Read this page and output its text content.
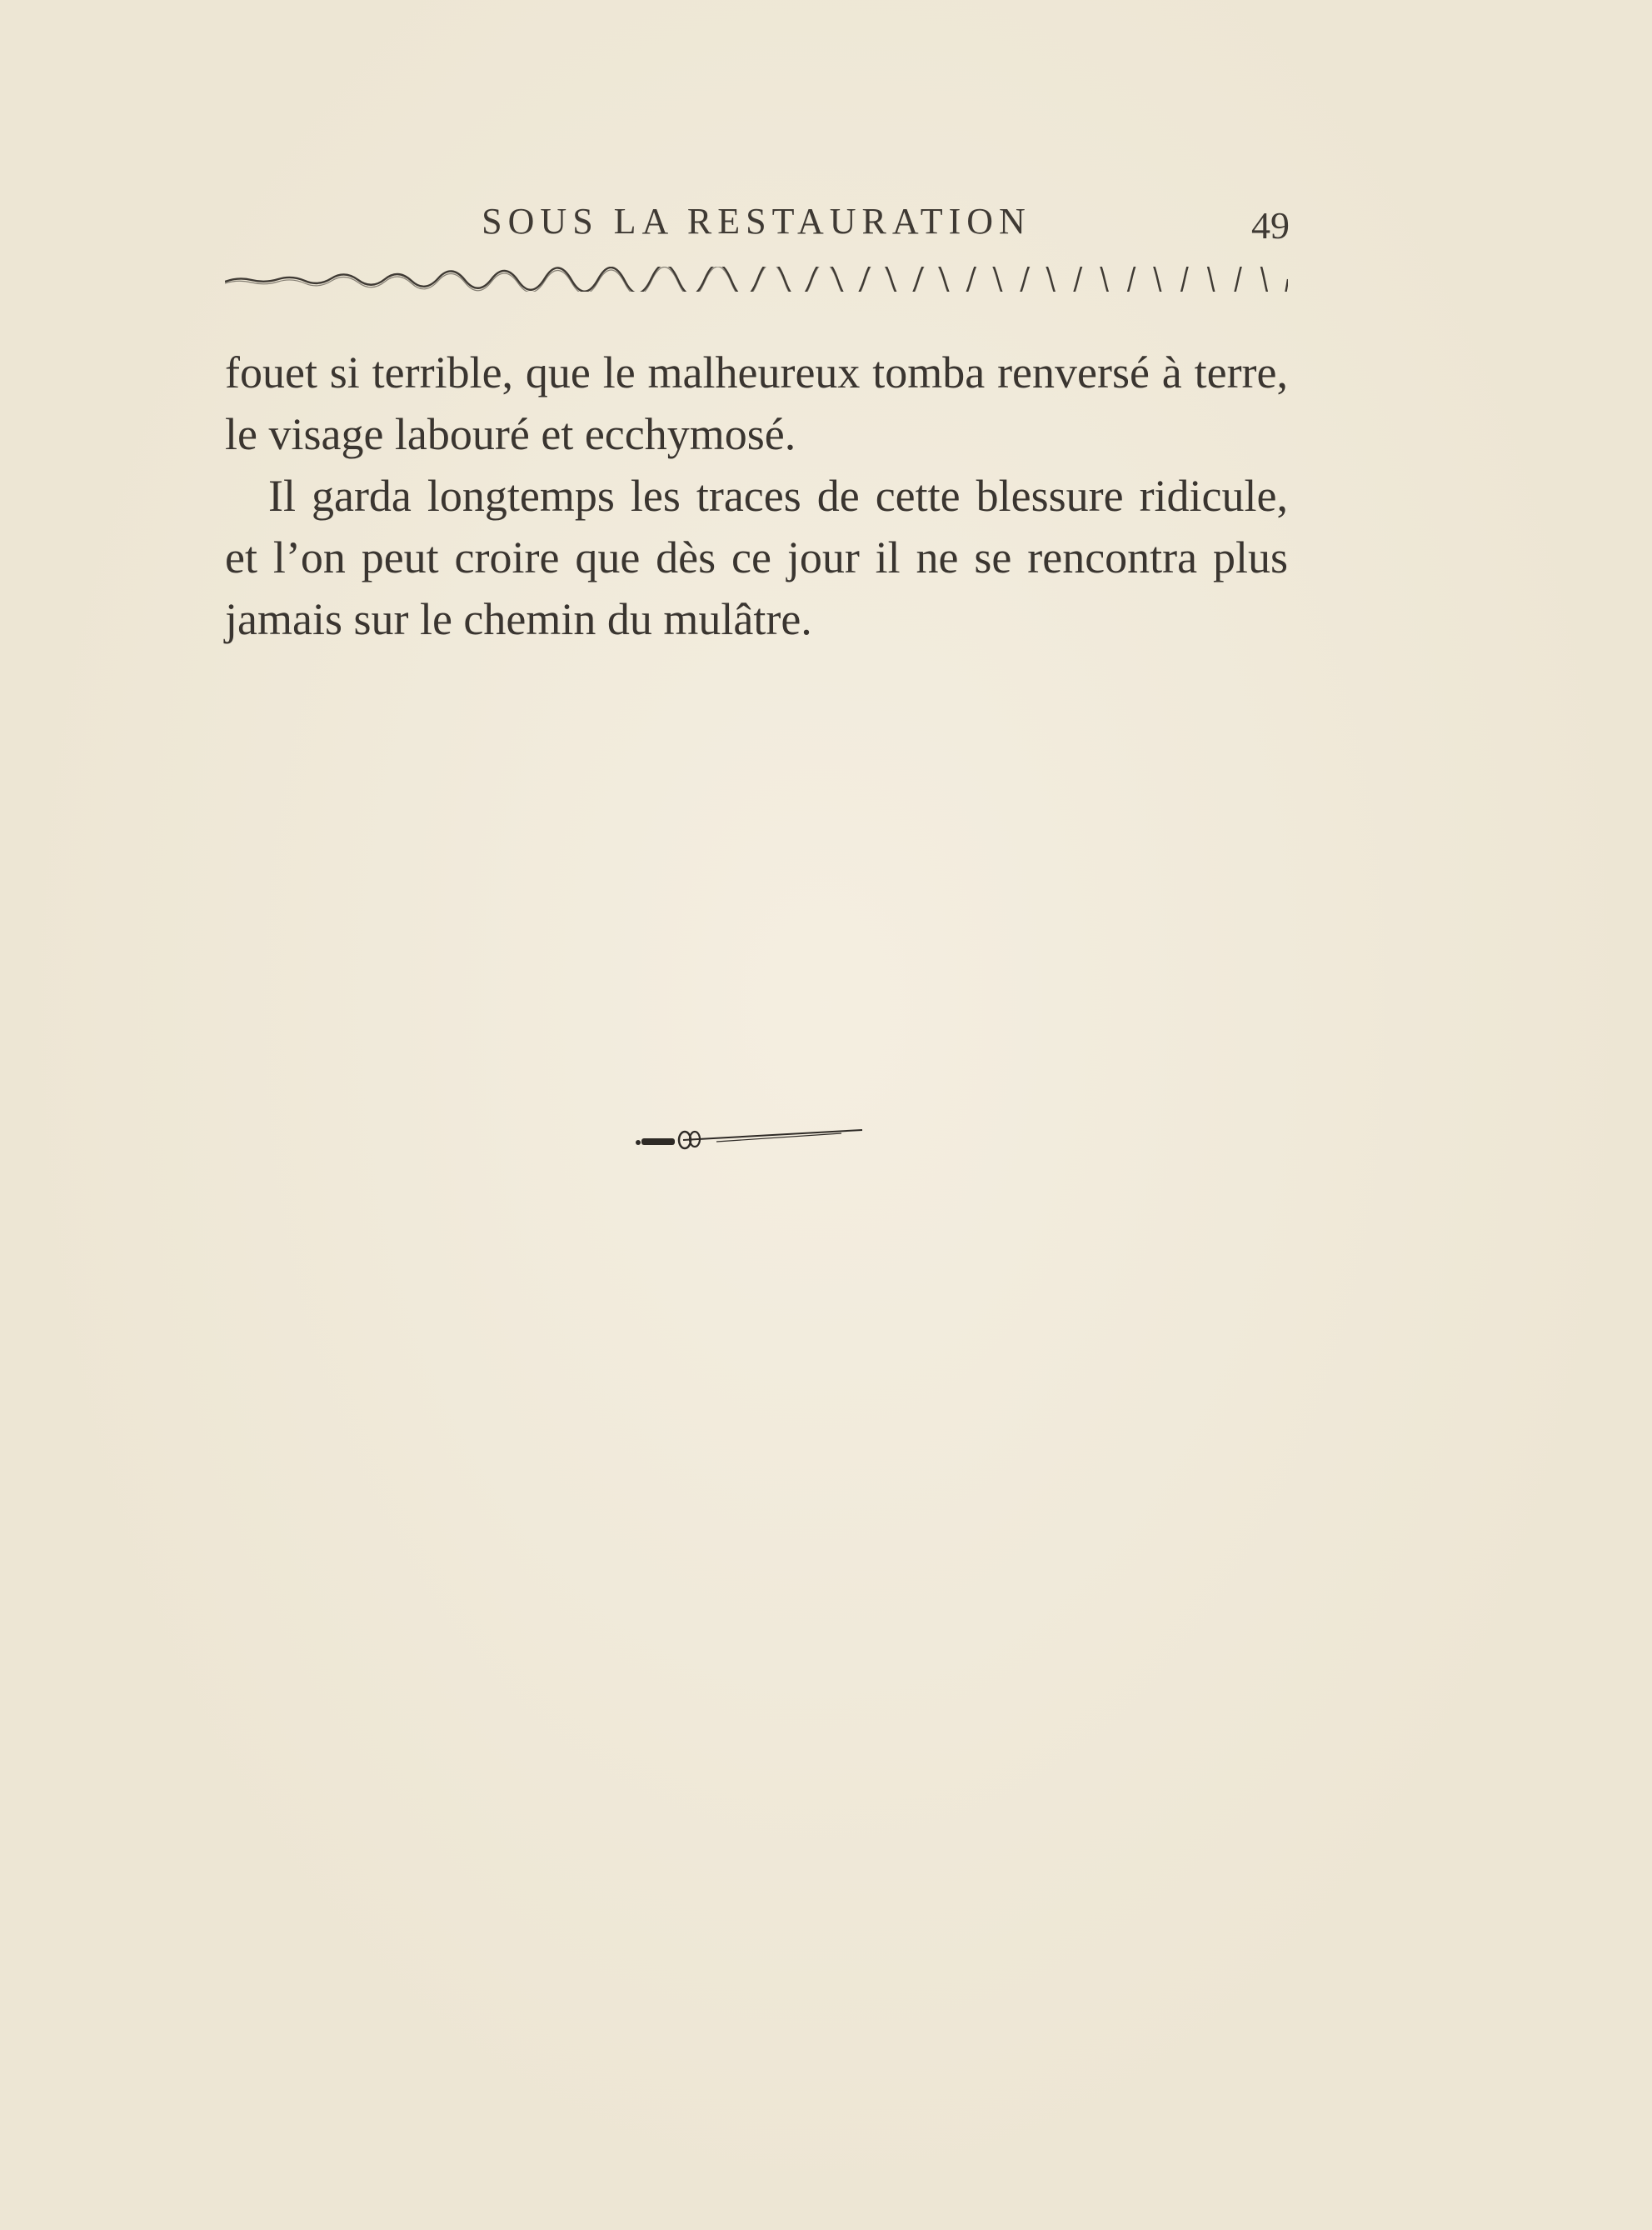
SOUS LA RESTAURATION	49

fouet si terrible, que le malheureux tomba renversé à terre, le visage labouré et ecchymosé.

Il garda longtemps les traces de cette blessure ridicule, et l’on peut croire que dès ce jour il ne se rencontra plus jamais sur le chemin du mulâtre.
